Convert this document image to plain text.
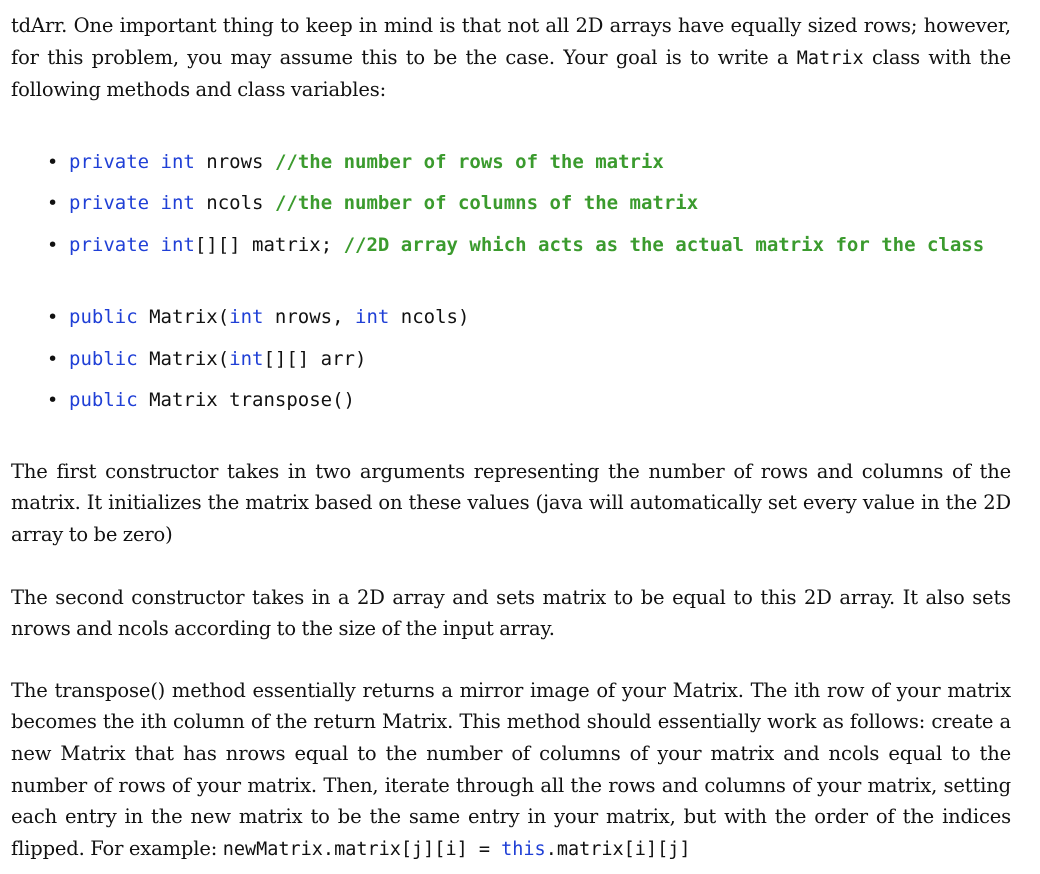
tdArr. One important thing to keep in mind is that not all 2D arrays have equally sized rows; however, for this problem, you may assume this to be the case. Your goal is to write a Matrix class with the following methods and class variables:

• private int nrows //the number of rows of the matrix
• private int ncols //the number of columns of the matrix
• private int[][] matrix; //2D array which acts as the actual matrix for the class
• public Matrix(int nrows, int ncols)
• public Matrix(int[][] arr)
• public Matrix transpose()

The first constructor takes in two arguments representing the number of rows and columns of the matrix. It initializes the matrix based on these values (java will automatically set every value in the 2D array to be zero)

The second constructor takes in a 2D array and sets matrix to be equal to this 2D array. It also sets nrows and ncols according to the size of the input array.

The transpose() method essentially returns a mirror image of your Matrix. The ith row of your matrix becomes the ith column of the return Matrix. This method should essentially work as follows: create a new Matrix that has nrows equal to the number of columns of your matrix and ncols equal to the number of rows of your matrix. Then, iterate through all the rows and columns of your matrix, setting each entry in the new matrix to be the same entry in your matrix, but with the order of the indices flipped. For example: newMatrix.matrix[j][i] = this.matrix[i][j]
